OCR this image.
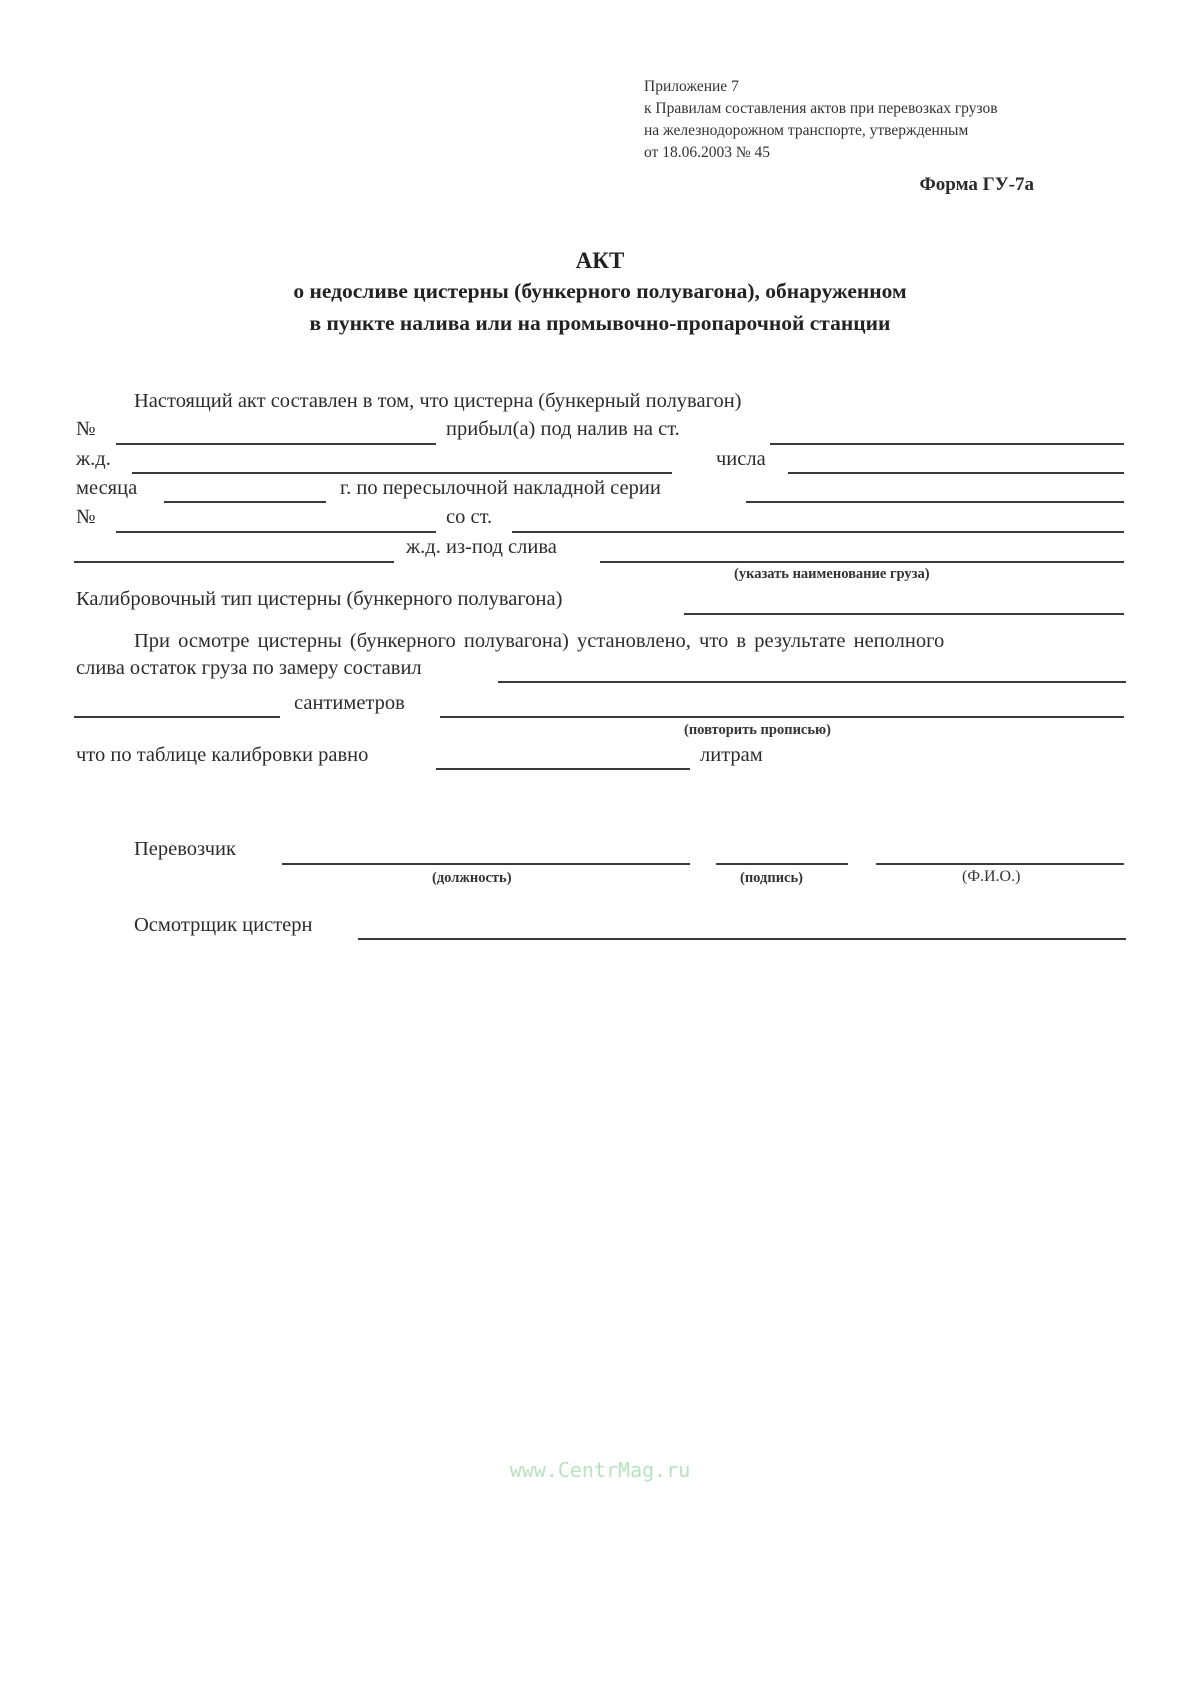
Приложение 7
к Правилам составления актов при перевозках грузов
на железнодорожном транспорте, утвержденным
от 18.06.2003 № 45
Форма ГУ-7а
АКТ
о недосливе цистерны (бункерного полувагона), обнаруженном
в пункте налива или на промывочно-пропарочной станции
Настоящий акт составлен в том, что цистерна (бункерный полувагон)
№	прибыл(а) под налив на ст.
ж.д.	числа
месяца	г. по пересылочной накладной серии
№	со ст.
ж.д. из-под слива
(указать наименование груза)
Калибровочный тип цистерны (бункерного полувагона)
При осмотре цистерны (бункерного полувагона) установлено, что в результате неполного
слива остаток груза по замеру составил
сантиметров
(повторить прописью)
что по таблице калибровки равно	литрам
Перевозчик
(должность)	(подпись)	(Ф.И.О.)
Осмотрщик цистерн
www.CentrMag.ru
